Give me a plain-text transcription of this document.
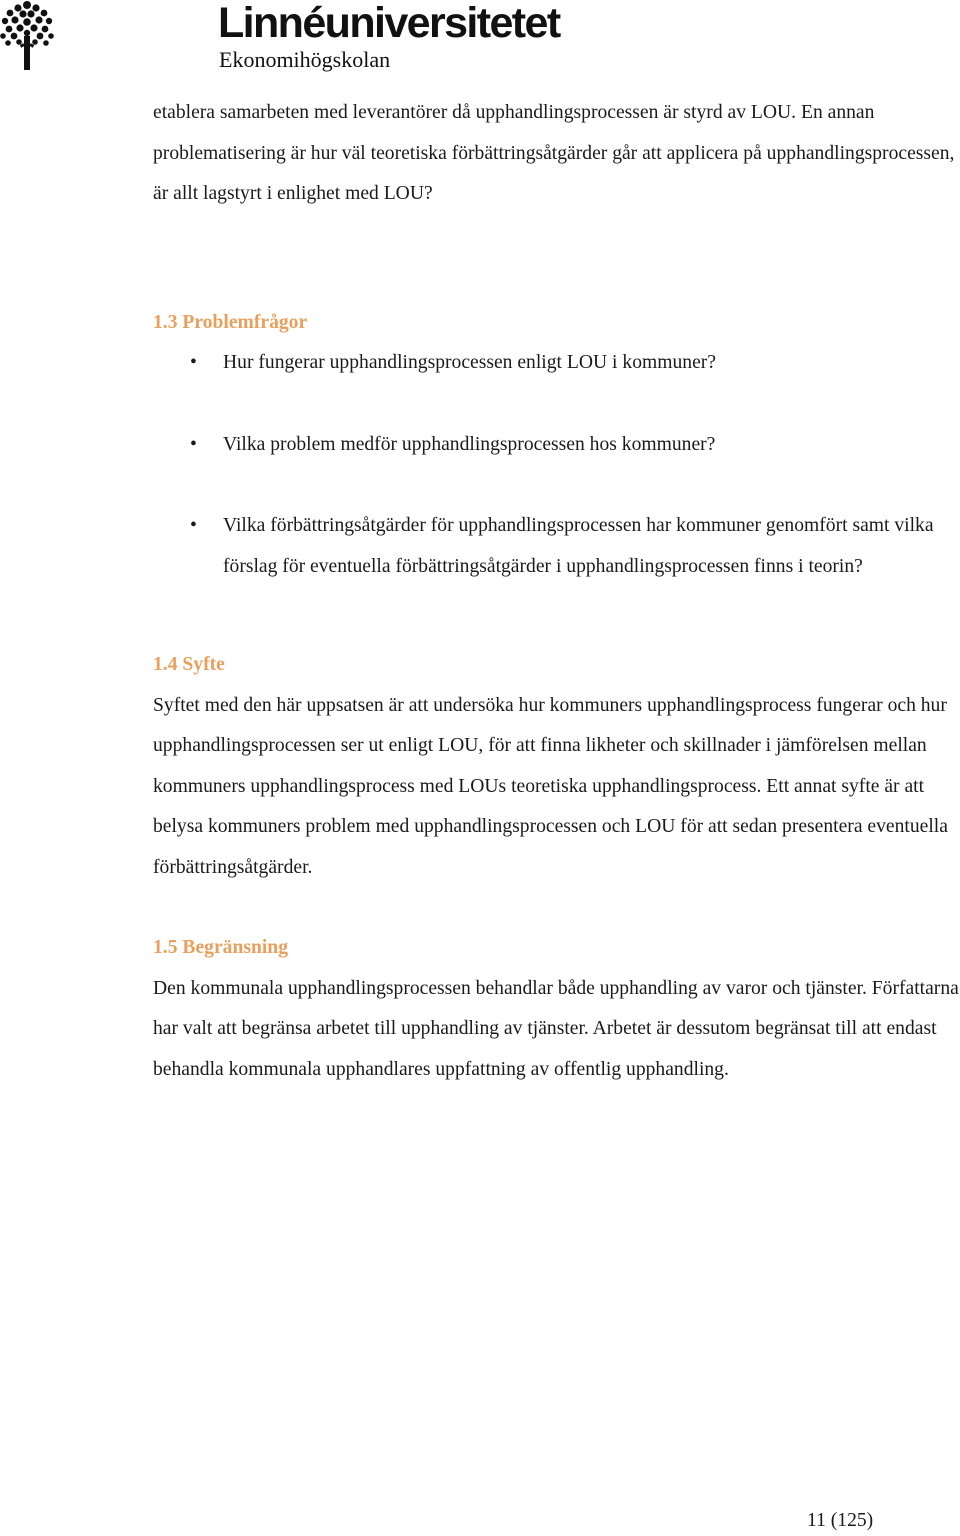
Linnéuniversitetet
Ekonomihögskolan

etablera samarbeten med leverantörer då upphandlingsprocessen är styrd av LOU. En annan problematisering är hur väl teoretiska förbättringsåtgärder går att applicera på upphandlingsprocessen, är allt lagstyrt i enlighet med LOU?

1.3 Problemfrågor

• Hur fungerar upphandlingsprocessen enligt LOU i kommuner?
• Vilka problem medför upphandlingsprocessen hos kommuner?
• Vilka förbättringsåtgärder för upphandlingsprocessen har kommuner genomfört samt vilka förslag för eventuella förbättringsåtgärder i upphandlingsprocessen finns i teorin?

1.4 Syfte

Syftet med den här uppsatsen är att undersöka hur kommuners upphandlingsprocess fungerar och hur upphandlingsprocessen ser ut enligt LOU, för att finna likheter och skillnader i jämförelsen mellan kommuners upphandlingsprocess med LOUs teoretiska upphandlingsprocess. Ett annat syfte är att belysa kommuners problem med upphandlingsprocessen och LOU för att sedan presentera eventuella förbättringsåtgärder.

1.5 Begränsning

Den kommunala upphandlingsprocessen behandlar både upphandling av varor och tjänster. Författarna har valt att begränsa arbetet till upphandling av tjänster. Arbetet är dessutom begränsat till att endast behandla kommunala upphandlares uppfattning av offentlig upphandling.

11 (125)
